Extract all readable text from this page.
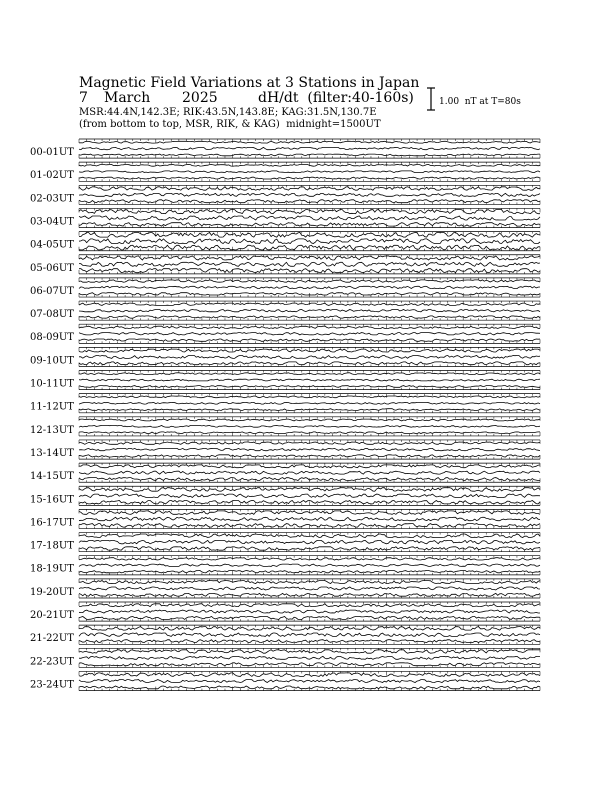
Magnetic Field Variations at 3 Stations in Japan
7 March 2025	dH/dt  (filter:40-160s)
MSR:44.4N,142.3E; RIK:43.5N,143.8E; KAG:31.5N,130.7E
(from bottom to top, MSR, RIK, & KAG)  midnight=1500UT
1.00  nT at T=80s
00-01UT
01-02UT
02-03UT
03-04UT
04-05UT
05-06UT
06-07UT
07-08UT
08-09UT
09-10UT
10-11UT
11-12UT
12-13UT
13-14UT
14-15UT
15-16UT
16-17UT
17-18UT
18-19UT
19-20UT
20-21UT
21-22UT
22-23UT
23-24UT
